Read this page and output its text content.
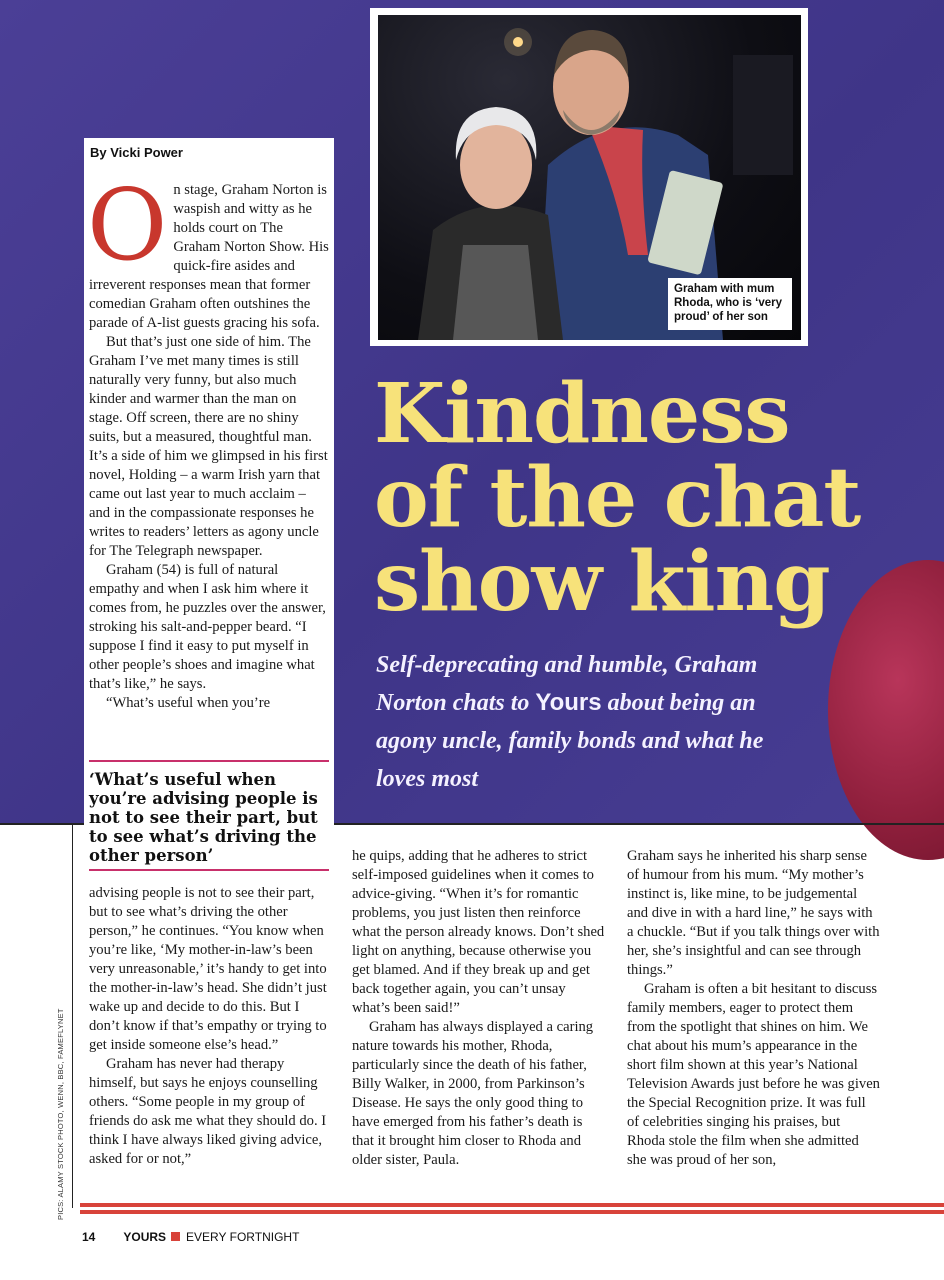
Graham with mum Rhoda, who is ‘very proud’ of her son
Kindness
of the chat
show king

Self-deprecating and humble, Graham Norton chats to Yours about being an agony uncle, family bonds and what he loves most

By Vicki Power

On stage, Graham Norton is waspish and witty as he holds court on The Graham Norton Show. His quick-fire asides and irreverent responses mean that former comedian Graham often outshines the parade of A-list guests gracing his sofa.

But that’s just one side of him. The Graham I’ve met many times is still naturally very funny, but also much kinder and warmer than the man on stage. Off screen, there are no shiny suits, but a measured, thoughtful man. It’s a side of him we glimpsed in his first novel, Holding – a warm Irish yarn that came out last year to much acclaim – and in the compassionate responses he writes to readers’ letters as agony uncle for The Telegraph newspaper.

Graham (54) is full of natural empathy and when I ask him where it comes from, he puzzles over the answer, stroking his salt-and-pepper beard. “I suppose I find it easy to put myself in other people’s shoes and imagine what that’s like,” he says.

“What’s useful when you’re

‘What’s useful when you’re advising people is not to see their part, but to see what’s driving the other person’

advising people is not to see their part, but to see what’s driving the other person,” he continues. “You know when you’re like, ‘My mother-in-law’s been very unreasonable,’ it’s handy to get into the mother-in-law’s head. She didn’t just wake up and decide to do this. But I don’t know if that’s empathy or trying to get inside someone else’s head.”

Graham has never had therapy himself, but says he enjoys counselling others. “Some people in my group of friends do ask me what they should do. I think I have always liked giving advice, asked for or not,”

he quips, adding that he adheres to strict self-imposed guidelines when it comes to advice-giving. “When it’s for romantic problems, you just listen then reinforce what the person already knows. Don’t shed light on anything, because otherwise you get blamed. And if they break up and get back together again, you can’t unsay what’s been said!”

Graham has always displayed a caring nature towards his mother, Rhoda, particularly since the death of his father, Billy Walker, in 2000, from Parkinson’s Disease. He says the only good thing to have emerged from his father’s death is that it brought him closer to Rhoda and older sister, Paula.

Graham says he inherited his sharp sense of humour from his mum. “My mother’s instinct is, like mine, to be judgemental and dive in with a hard line,” he says with a chuckle. “But if you talk things over with her, she’s insightful and can see through things.”

Graham is often a bit hesitant to discuss family members, eager to protect them from the spotlight that shines on him. We chat about his mum’s appearance in the short film shown at this year’s National Television Awards just before he was given the Special Recognition prize. It was full of celebrities singing his praises, but Rhoda stole the film when she admitted she was proud of her son,

PICS: ALAMY STOCK PHOTO, WENN, BBC, FAMEFLYNET
14 YOURS EVERY FORTNIGHT
